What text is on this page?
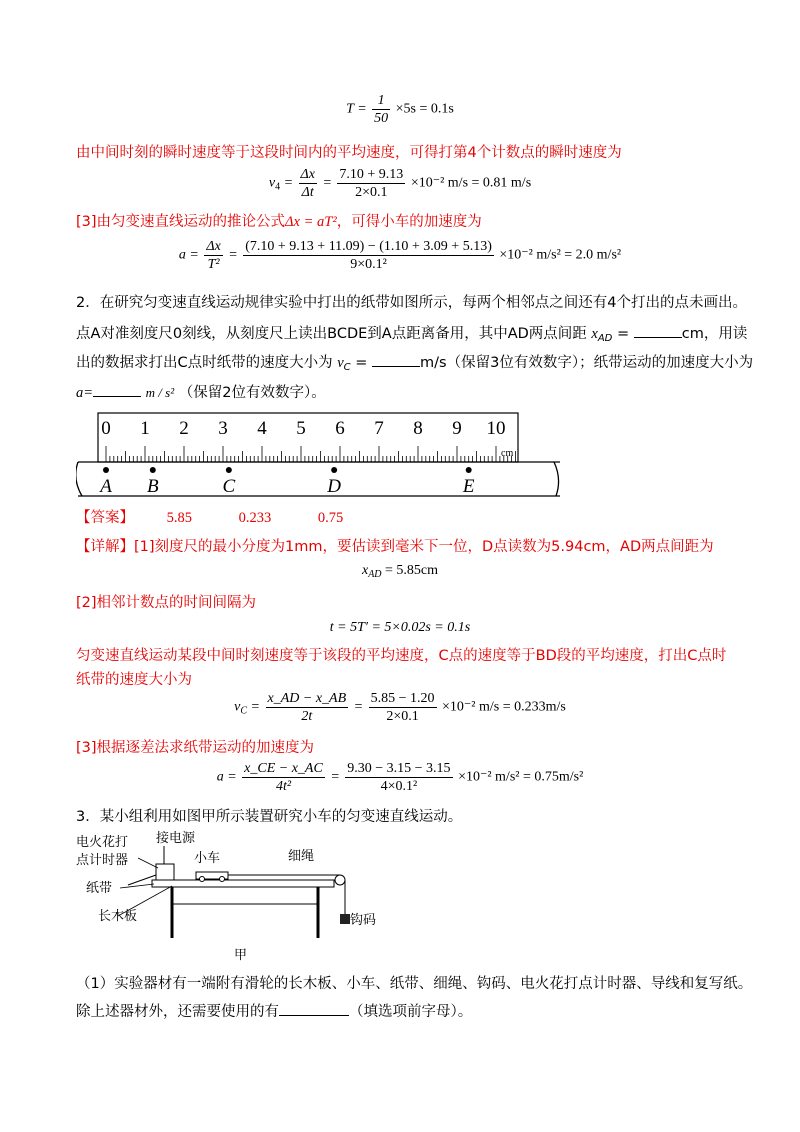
$T = \frac{1}{50} \times 5s = 0.1s$
由中间时刻的瞬时速度等于这段时间内的平均速度，可得打第4个计数点的瞬时速度为
$v_4 = \frac{\Delta x}{\Delta t} = \frac{7.10 + 9.13}{2\times 0.1} \times 10^{-2}$ m/s = 0.81 m/s
[3]由匀变速直线运动的推论公式Δx = aT²，可得小车的加速度为
$a = \frac{\Delta x}{\text{T²}} = \frac{(7.10 + 9.13 + 11.09) - (1.10 + 3.09 + 5.13)}{\text{9×0.1²}} \times 10^{-2}$ m/s² = 2.0 m/s²
2．在研究匀变速直线运动规律实验中打出的纸带如图所示，每两个相邻点之间还有4个打出的点未画出。
点A对准刻度尺0刻线，从刻度尺上读出BCDE到A点距离备用，其中AD两点间距 $x_{AD}$ =	cm，用读
出的数据求打出C点时纸带的速度大小为 $v_C$ =	m/s（保留3位有效数字）；纸带运动的加速度大小为
a=	m / s² （保留2位有效数字）。
0 1 2 3 4 5 6 7 8 9 10
cm
A B	C	D	E
【答案】 5.85	0.233	0.75
【详解】[1]刻度尺的最小分度为1mm，要估读到毫米下一位，D点读数为5.94cm，AD两点间距为
$x_{AD} = 5.85cm$
[2]相邻计数点的时间间隔为
t = 5T′ = 5×0.02s = 0.1s
匀变速直线运动某段中间时刻速度等于该段的平均速度，C点的速度等于BD段的平均速度，打出C点时
纸带的速度大小为
$v_C = \frac{x\_AD - x\_AB}{2t} = \frac{5.85 - 1.20}{2\times 0.1} \times 10^{-2}$ m/s = 0.233m/s
[3]根据逐差法求纸带运动的加速度为
$a = \frac{x\_CE - x\_AC}{\text{4t²}} = \frac{9.30 - 3.15 - 3.15}{\text{4×0.1²}} \times 10^{-2}$ m/s² = 0.75m/s²
3．某小组利用如图甲所示装置研究小车的匀变速直线运动。
电火花打
点计时器
接电源
小车	细绳
纸带
长木板	钩码
甲
（1）实验器材有一端附有滑轮的长木板、小车、纸带、细绳、钩码、电火花打点计时器、导线和复写纸。
除上述器材外，还需要使用的有	（填选项前字母）。
